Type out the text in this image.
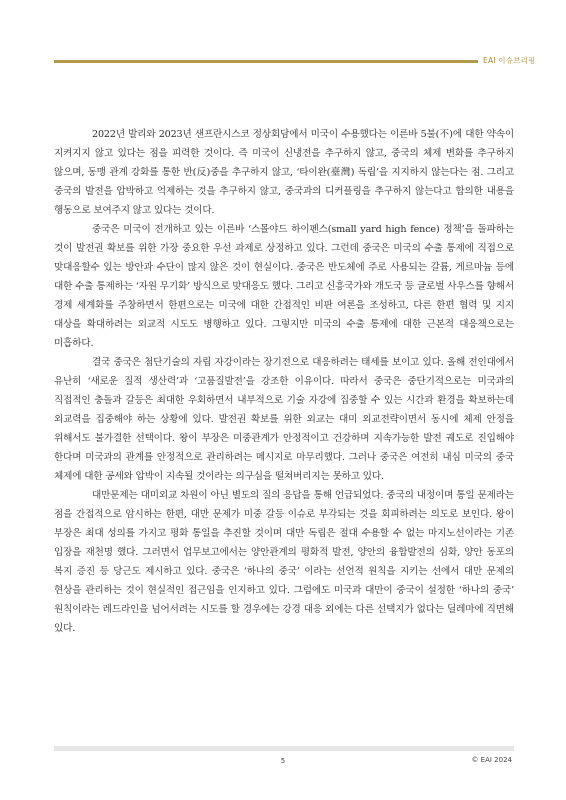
EAI 이슈브리핑

2022년 발리와 2023년 샌프란시스코 정상회담에서 미국이 수용했다는 이른바 5불(不)에 대한 약속이 지켜지지 않고 있다는 점을 피력한 것이다. 즉 미국이 신냉전을 추구하지 않고, 중국의 체제 변화를 추구하지 않으며, 동맹 관계 강화를 통한 반(反)중을 추구하지 않고, ‘타이완(臺灣) 독립’을 지지하지 않는다는 점. 그리고 중국의 발전을 압박하고 억제하는 것을 추구하지 않고, 중국과의 디커플링을 추구하지 않는다고 합의한 내용을 행동으로 보여주지 않고 있다는 것이다.

중국은 미국이 전개하고 있는 이른바 ‘스몰야드 하이펜스(small yard high fence) 정책’을 돌파하는 것이 발전권 확보를 위한 가장 중요한 우선 과제로 상정하고 있다. 그런데 중국은 미국의 수출 통제에 직접으로 맞대응할수 있는 방안과 수단이 많지 않은 것이 현실이다. 중국은 반도체에 주로 사용되는 갈륨, 게르마늄 등에 대한 수출 통제하는 ‘자원 무기화’ 방식으로 맞대응도 했다. 그리고 신흥국가와 개도국 등 글로벌 사우스를 향해서 경제 세계화를 주창하면서 한편으로는 미국에 대한 간접적인 비판 여론을 조성하고, 다른 한편 협력 및 지지 대상을 확대하려는 외교적 시도도 병행하고 있다. 그렇지만 미국의 수출 통제에 대한 근본적 대응책으로는 미흡하다.

결국 중국은 첨단기술의 자립 자강이라는 장기전으로 대응하려는 태세를 보이고 있다. 올해 전인대에서 유난히 ‘새로운 질적 생산력’과 ‘고품질발전’을 강조한 이유이다. 따라서 중국은 중단기적으로는 미국과의 직접적인 충돌과 갈등은 최대한 우회하면서 내부적으로 기술 자강에 집중할 수 있는 시간과 환경을 확보하는데 외교력을 집중해야 하는 상황에 있다. 발전권 확보를 위한 외교는 대미 외교전략이면서 동시에 체제 안정을 위해서도 불가결한 선택이다. 왕이 부장은 미중관계가 안정적이고 건강하며 지속가능한 발전 궤도로 진입해야 한다며 미국과의 관계를 안정적으로 관리하려는 메시지로 마무리했다. 그러나 중국은 여전히 내심 미국의 중국 체제에 대한 공세와 압박이 지속될 것이라는 의구심을 떨쳐버리지는 못하고 있다.

대만문제는 대미외교 차원이 아닌 별도의 질의 응답을 통해 언급되었다. 중국의 내정이며 통일 문제라는 점을 간접적으로 암시하는 한편, 대만 문제가 미중 갈등 이슈로 부각되는 것을 회피하려는 의도로 보인다. 왕이 부장은 최대 성의를 가지고 평화 통일을 추진할 것이며 대만 독립은 절대 수용할 수 없는 마지노선이라는 기존 입장을 재천명 했다. 그러면서 업무보고에서는 양안관계의 평화적 발전, 양안의 융합발전의 심화, 양안 동포의 복지 증진 등 당근도 제시하고 있다. 중국은 ‘하나의 중국’ 이라는 선언적 원칙을 지키는 선에서 대만 문제의 현상을 관리하는 것이 현실적인 접근임을 인지하고 있다. 그럼에도 미국과 대만이 중국이 설정한 ‘하나의 중국’ 원칙이라는 레드라인을 넘어서려는 시도를 할 경우에는 강경 대응 외에는 다른 선택지가 없다는 딜레마에 직면해 있다.

5	© EAI 2024
